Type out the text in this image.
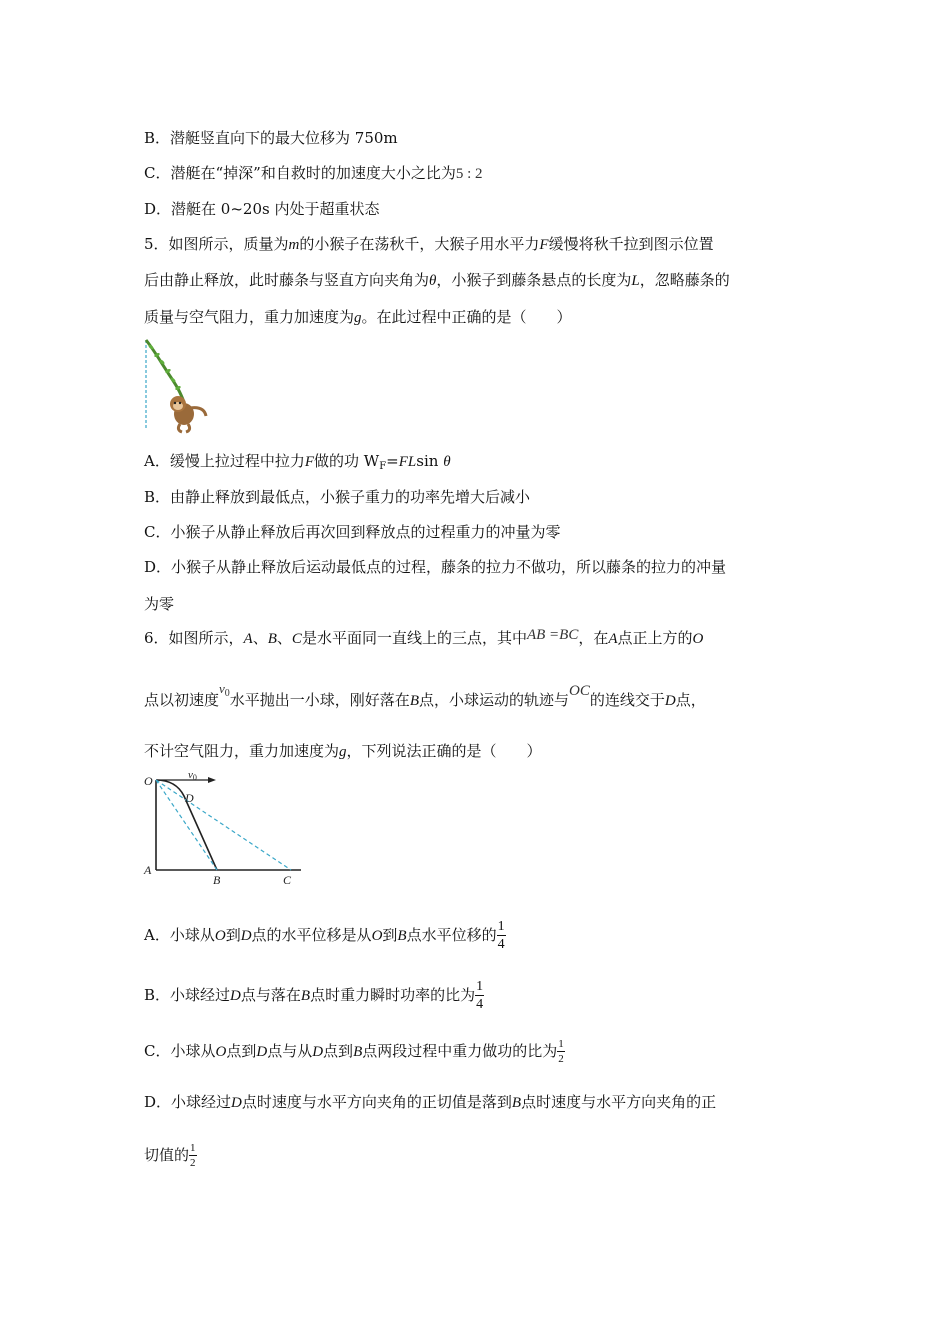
B．潜艇竖直向下的最大位移为 750m
C．潜艇在“掉深”和自救时的加速度大小之比为5 : 2
D．潜艇在 0~20s 内处于超重状态
5．如图所示，质量为m的小猴子在荡秋千，大猴子用水平力F缓慢将秋千拉到图示位置
后由静止释放，此时藤条与竖直方向夹角为θ，小猴子到藤条悬点的长度为L，忽略藤条的
质量与空气阻力，重力加速度为g。在此过程中正确的是（　　）
A．缓慢上拉过程中拉力F做的功 $W_F=FLsin$ θ
B．由静止释放到最低点，小猴子重力的功率先增大后减小
C．小猴子从静止释放后再次回到释放点的过程重力的冲量为零
D．小猴子从静止释放后运动最低点的过程，藤条的拉力不做功，所以藤条的拉力的冲量
为零
6．如图所示，A、B、C是水平面同一直线上的三点，其中AB =BC，在A点正上方的O
点以初速度$v_0$水平抛出一小球，刚好落在B点，小球运动的轨迹与OC的连线交于D点，
不计空气阻力，重力加速度为g，下列说法正确的是（　　）
O	v0
D
A
B	C
A．小球从O到D点的水平位移是从O到B点水平位移的 $\frac{1}{4}$
B．小球经过D点与落在B点时重力瞬时功率的比为 $\frac{1}{4}$
C．小球从O点到D点与从D点到B点两段过程中重力做功的比为 $\frac{1}{2}$
D．小球经过D点时速度与水平方向夹角的正切值是落到B点时速度与水平方向夹角的正
切值的 $\frac{1}{2}$
